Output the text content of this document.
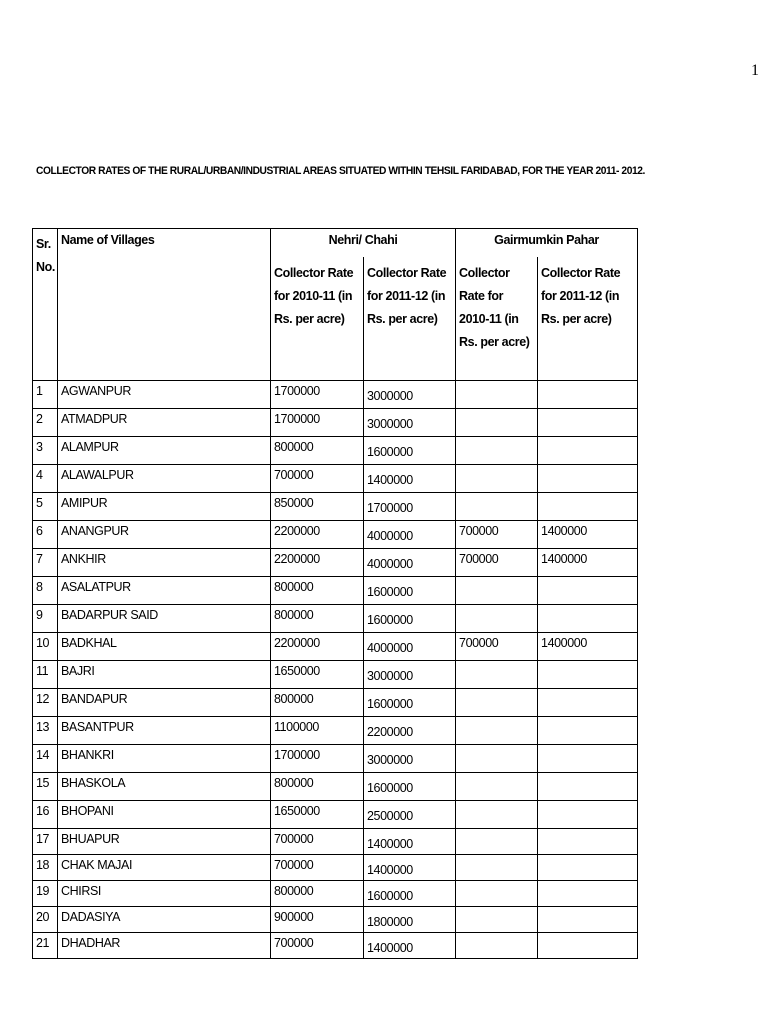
1
COLLECTOR RATES OF THE RURAL/URBAN/INDUSTRIAL AREAS SITUATED WITHIN TEHSIL FARIDABAD, FOR THE YEAR 2011- 2012.
Sr. No.	Name of Villages	Nehri/ Chahi		Gairmumkin Pahar	
		Collector Rate for 2010-11 (in Rs. per acre)	Collector Rate for 2011-12 (in Rs. per acre)	Collector Rate for 2010-11 (in Rs. per acre)	Collector Rate for 2011-12 (in Rs. per acre)
1	AGWANPUR	1700000	3000000		
2	ATMADPUR	1700000	3000000		
3	ALAMPUR	800000	1600000		
4	ALAWALPUR	700000	1400000		
5	AMIPUR	850000	1700000		
6	ANANGPUR	2200000	4000000	700000	1400000
7	ANKHIR	2200000	4000000	700000	1400000
8	ASALATPUR	800000	1600000		
9	BADARPUR SAID	800000	1600000		
10	BADKHAL	2200000	4000000	700000	1400000
11	BAJRI	1650000	3000000		
12	BANDAPUR	800000	1600000		
13	BASANTPUR	1100000	2200000		
14	BHANKRI	1700000	3000000		
15	BHASKOLA	800000	1600000		
16	BHOPANI	1650000	2500000		
17	BHUAPUR	700000	1400000		
18	CHAK MAJAI	700000	1400000		
19	CHIRSI	800000	1600000		
20	DADASIYA	900000	1800000		
21	DHADHAR	700000	1400000		
